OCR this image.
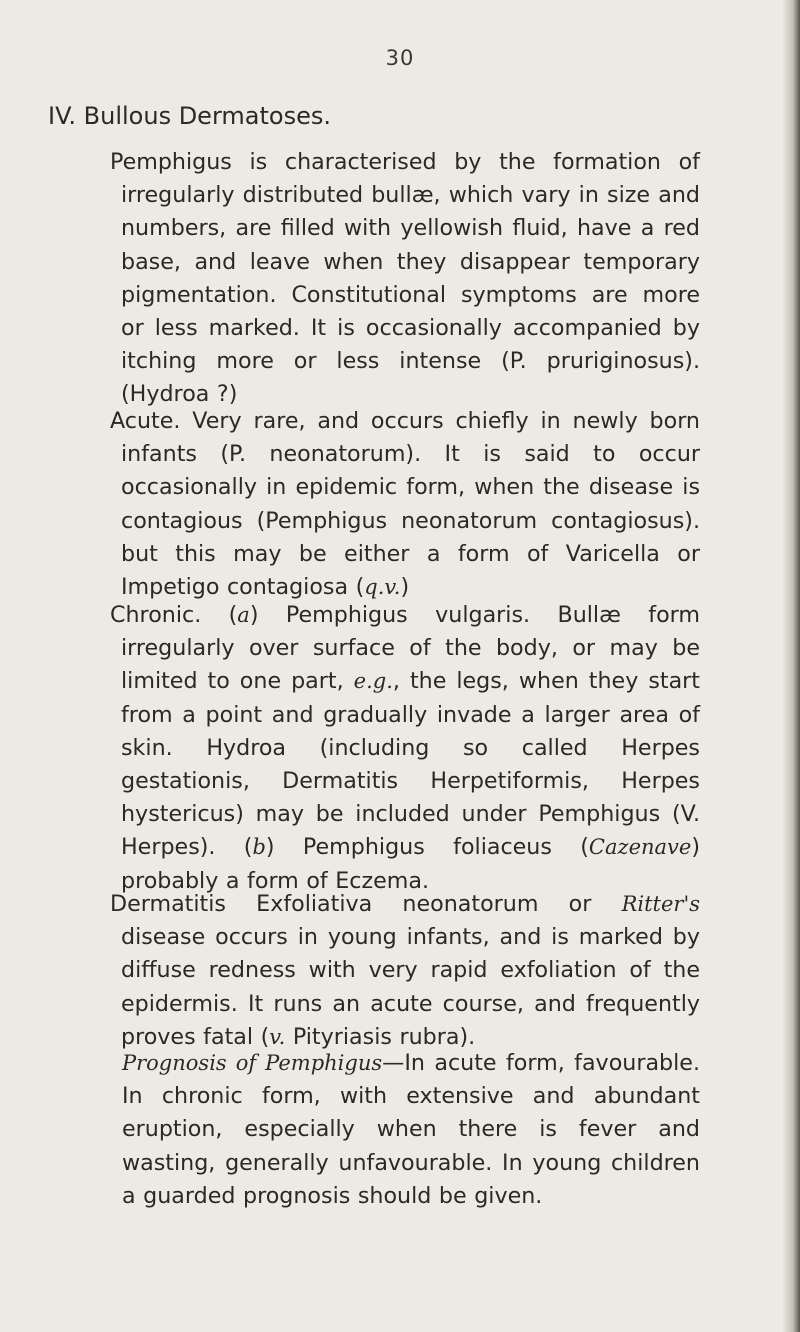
30
IV. Bullous Dermatoses.
Pemphigus is characterised by the formation of irregularly distributed bullæ, which vary in size and numbers, are filled with yellowish fluid, have a red base, and leave when they disappear temporary pigmentation. Constitutional symptoms are more or less marked. It is occasionally accompanied by itching more or less intense (P. pruriginosus). (Hydroa ?)
Acute. Very rare, and occurs chiefly in newly born infants (P. neonatorum). It is said to occur occasionally in epidemic form, when the disease is contagious (Pemphigus neonatorum contagiosus). but this may be either a form of Varicella or Impetigo contagiosa (q.v.)
Chronic. (a) Pemphigus vulgaris. Bullæ form irregularly over surface of the body, or may be limited to one part, e.g., the legs, when they start from a point and gradually invade a larger area of skin. Hydroa (including so called Herpes gestationis, Dermatitis Herpetiformis, Herpes hystericus) may be included under Pemphigus (V. Herpes). (b) Pemphigus foliaceus (Cazenave) probably a form of Eczema.
Dermatitis Exfoliativa neonatorum or Ritter's disease occurs in young infants, and is marked by diffuse redness with very rapid exfoliation of the epidermis. It runs an acute course, and frequently proves fatal (v. Pityriasis rubra).
Prognosis of Pemphigus—In acute form, favourable. In chronic form, with extensive and abundant eruption, especially when there is fever and wasting, generally unfavourable. In young children a guarded prognosis should be given.
